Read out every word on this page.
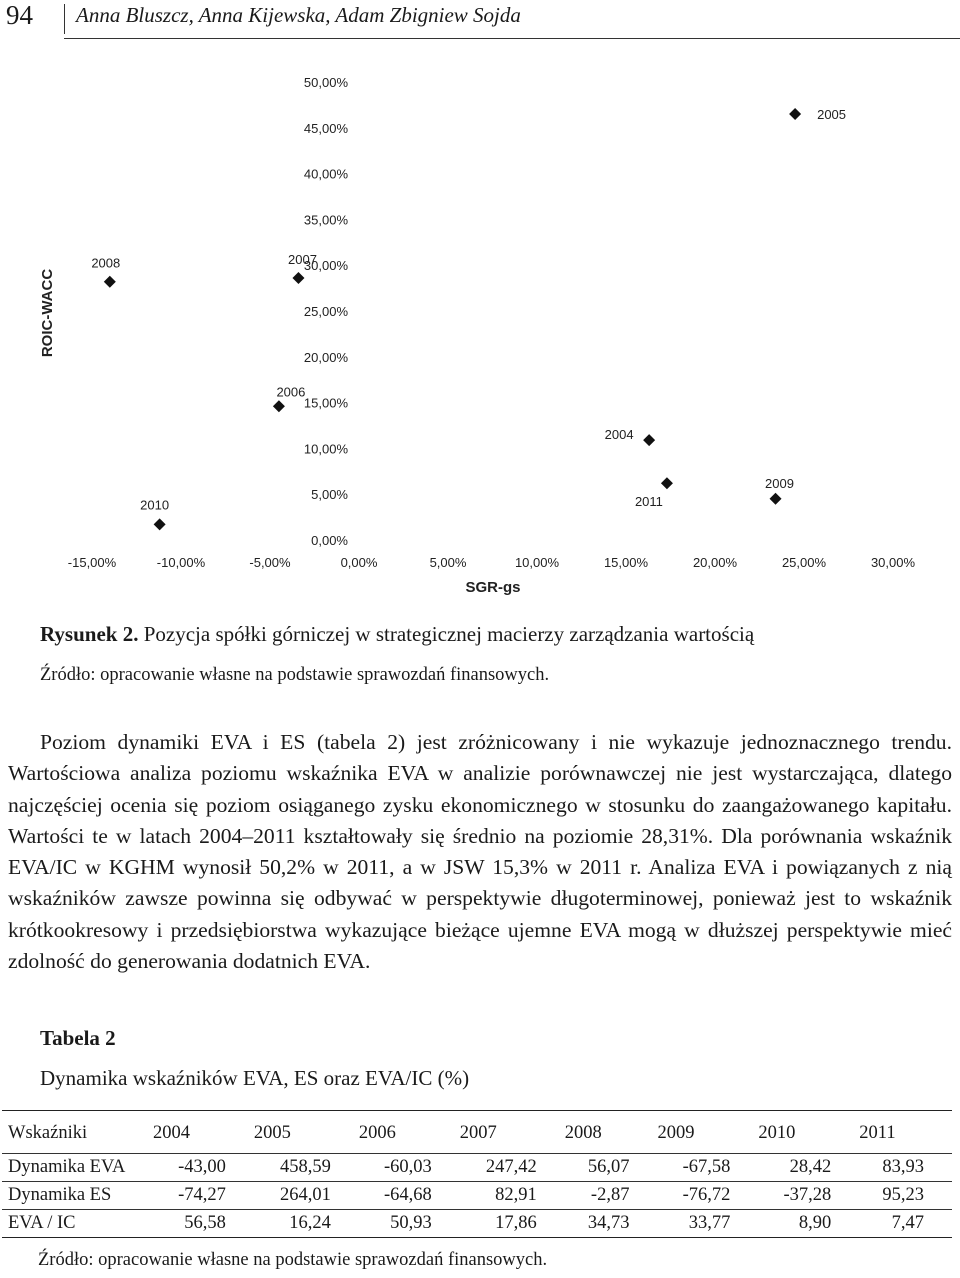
94 Anna Bluszcz, Anna Kijewska, Adam Zbigniew Sojda
0,00%
5,00%
10,00%
15,00%
20,00%
25,00%
30,00%
35,00%
40,00%
45,00%
50,00%
-15,00%	-10,00%	-5,00%	0,00%	5,00%	10,00%	15,00%	20,00%	25,00%	30,00%
2005
2008	2007
2006
2004
2011
2009
2010
SGR-gs
ROIC-WACC
Rysunek 2. Pozycja spółki górniczej w strategicznej macierzy zarządzania wartością
Źródło: opracowanie własne na podstawie sprawozdań finansowych.

Poziom dynamiki EVA i ES (tabela 2) jest zróżnicowany i nie wykazuje jednoznacznego trendu. Wartościowa analiza poziomu wskaźnika EVA w analizie porównawczej nie jest wystarczająca, dlatego najczęściej ocenia się poziom osiąganego zysku ekonomicznego w stosunku do zaangażowanego kapitału. Wartości te w latach 2004–2011 kształtowały się średnio na poziomie 28,31%. Dla porównania wskaźnik EVA/IC w KGHM wynosił 50,2% w 2011, a w JSW 15,3% w 2011 r. Analiza EVA i powiązanych z nią wskaźników zawsze powinna się odbywać w perspektywie długoterminowej, ponieważ jest to wskaźnik krótkookresowy i przedsiębiorstwa wykazujące bieżące ujemne EVA mogą w dłuższej perspektywie mieć zdolność do generowania dodatnich EVA.

Tabela 2
Dynamika wskaźników EVA, ES oraz EVA/IC (%)
Wskaźniki	2004	2005	2006	2007	2008	2009	2010	2011
Dynamika EVA	-43,00	458,59	-60,03	247,42	56,07	-67,58	28,42	83,93
Dynamika ES	-74,27	264,01	-64,68	82,91	-2,87	-76,72	-37,28	95,23
EVA / IC	56,58	16,24	50,93	17,86	34,73	33,77	8,90	7,47
Źródło: opracowanie własne na podstawie sprawozdań finansowych.
